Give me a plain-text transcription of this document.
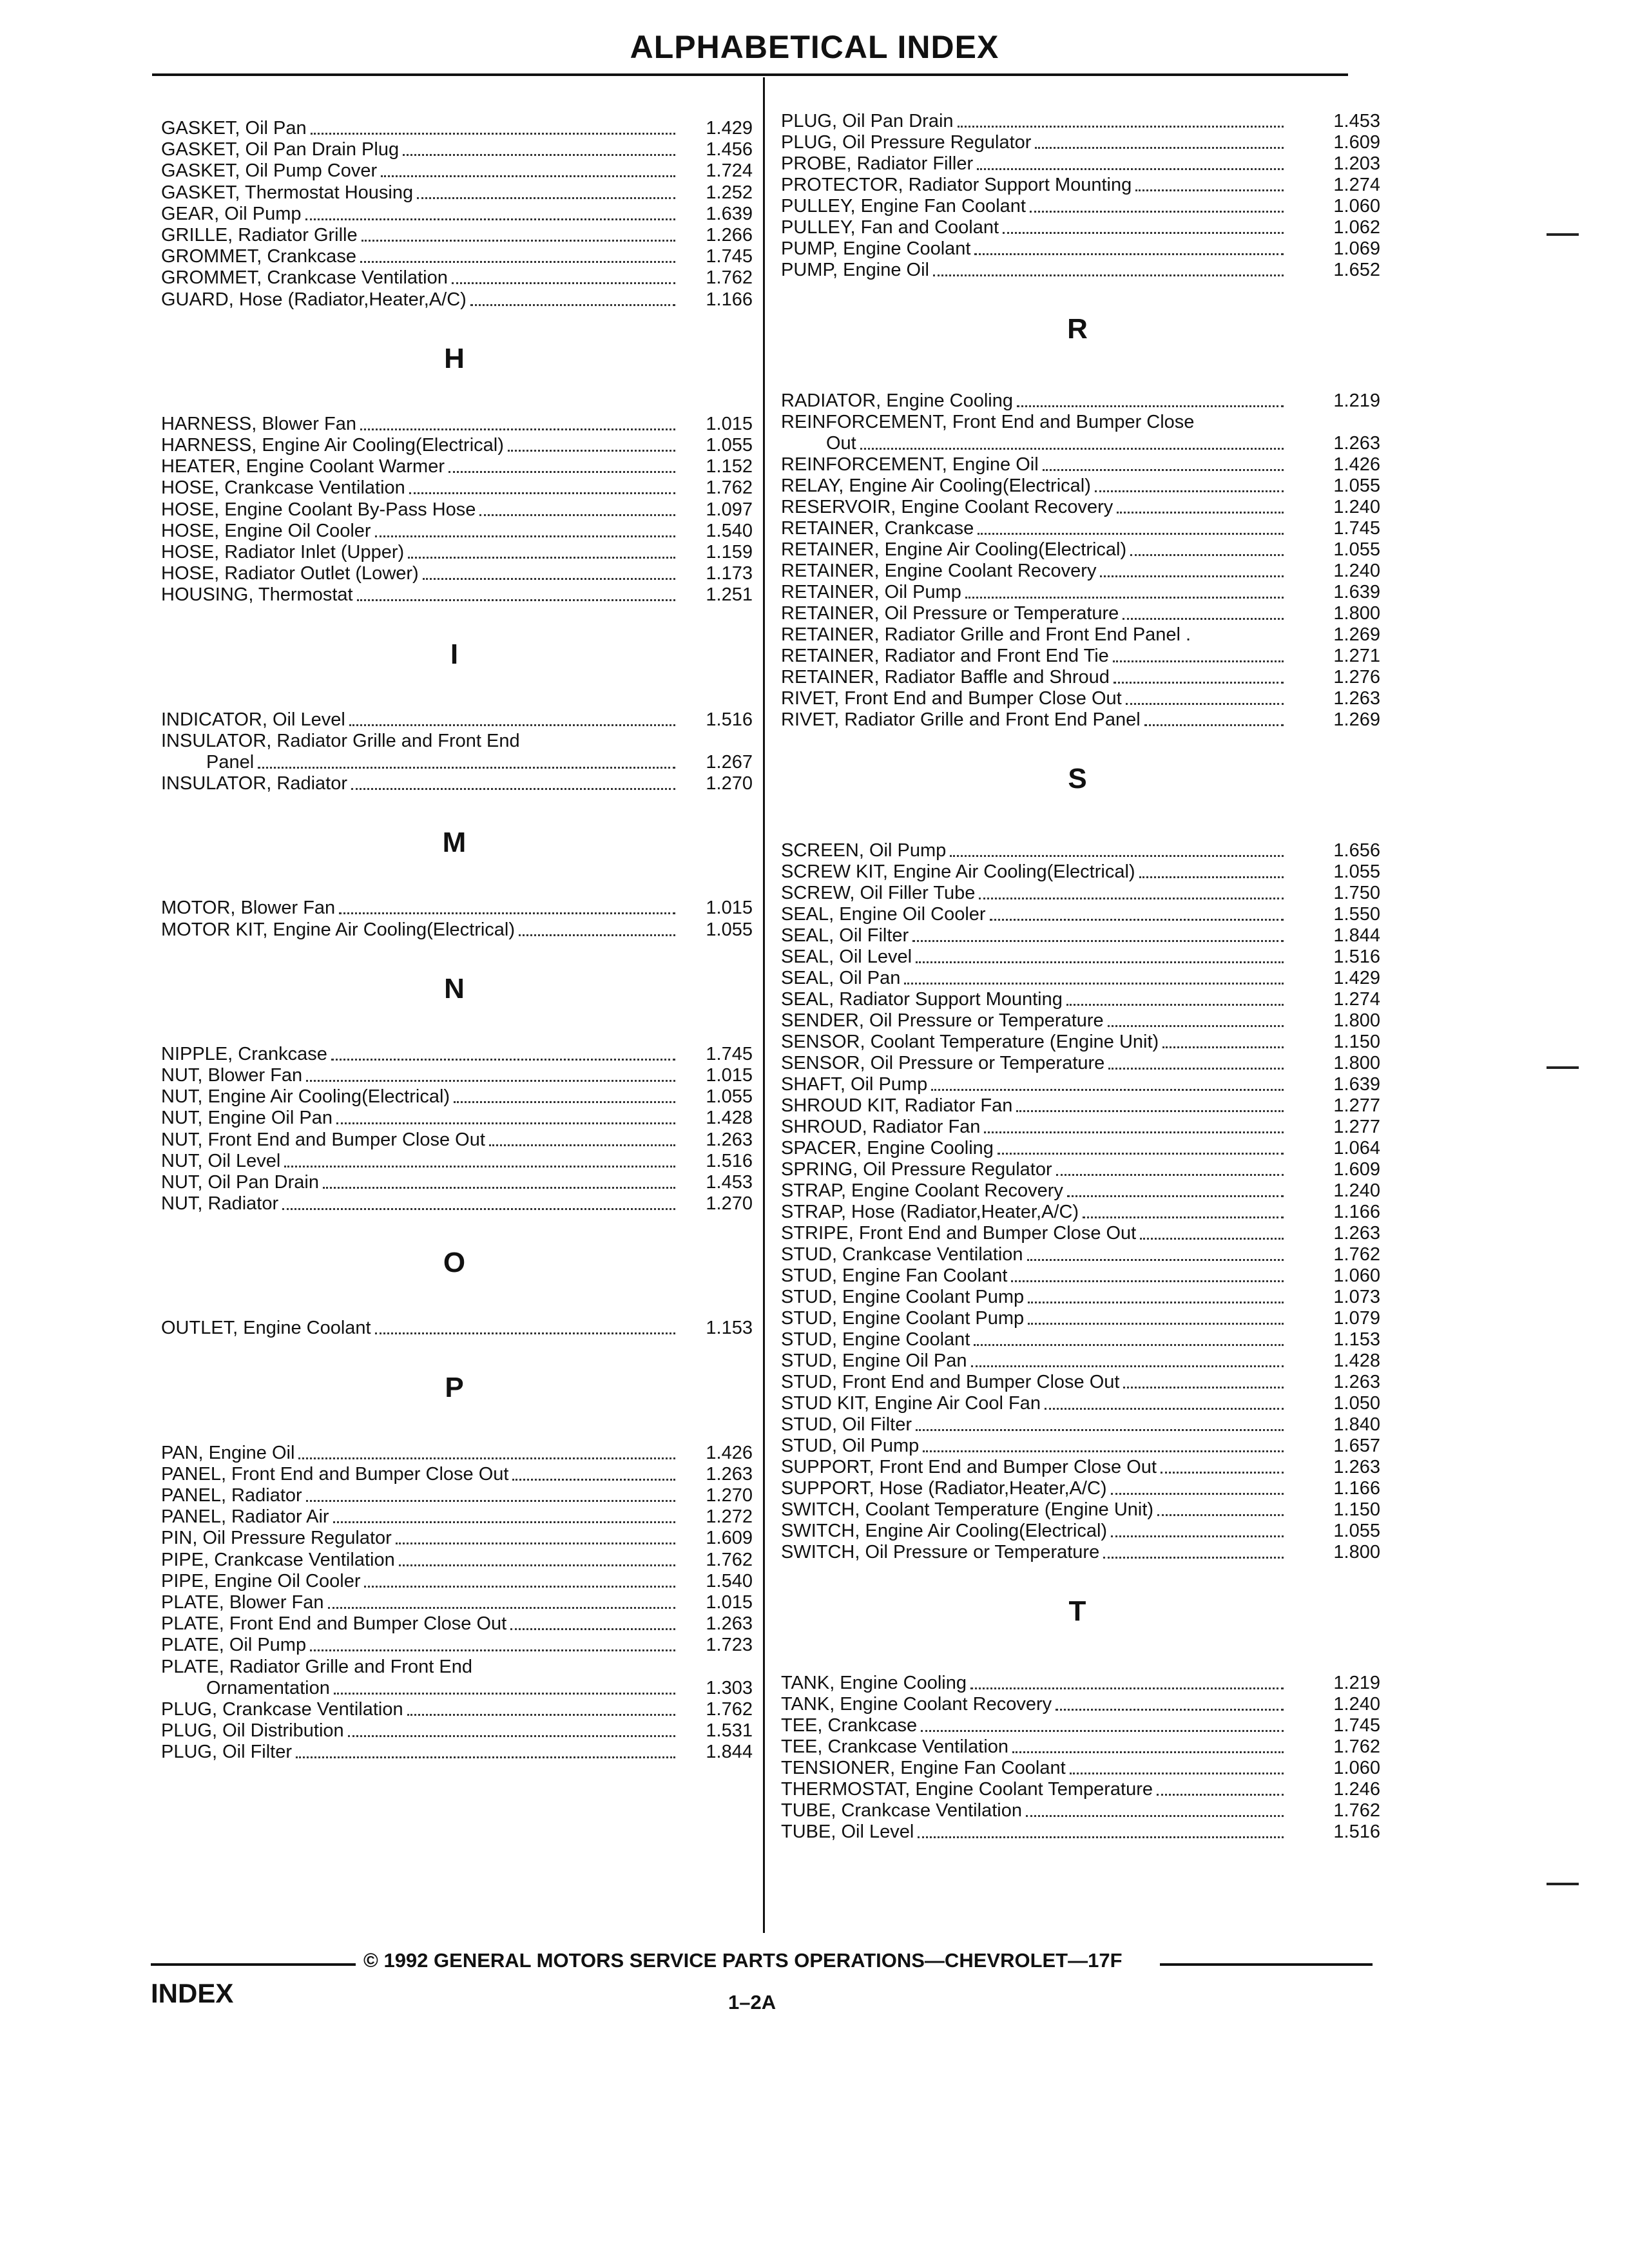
ALPHABETICAL INDEX
GASKET, Oil Pan	1.429
GASKET, Oil Pan Drain Plug	1.456
GASKET, Oil Pump Cover	1.724
GASKET, Thermostat Housing	1.252
GEAR, Oil Pump	1.639
GRILLE, Radiator Grille	1.266
GROMMET, Crankcase	1.745
GROMMET, Crankcase Ventilation	1.762
GUARD, Hose (Radiator,Heater,A/C)	1.166
H
HARNESS, Blower Fan	1.015
HARNESS, Engine Air Cooling(Electrical)	1.055
HEATER, Engine Coolant Warmer	1.152
HOSE, Crankcase Ventilation	1.762
HOSE, Engine Coolant By-Pass Hose	1.097
HOSE, Engine Oil Cooler	1.540
HOSE, Radiator Inlet (Upper)	1.159
HOSE, Radiator Outlet (Lower)	1.173
HOUSING, Thermostat	1.251
I
INDICATOR, Oil Level	1.516
INSULATOR, Radiator Grille and Front End
Panel	1.267
INSULATOR, Radiator	1.270
M
MOTOR, Blower Fan	1.015
MOTOR KIT, Engine Air Cooling(Electrical)	1.055
N
NIPPLE, Crankcase	1.745
NUT, Blower Fan	1.015
NUT, Engine Air Cooling(Electrical)	1.055
NUT, Engine Oil Pan	1.428
NUT, Front End and Bumper Close Out	1.263
NUT, Oil Level	1.516
NUT, Oil Pan Drain	1.453
NUT, Radiator	1.270
O
OUTLET, Engine Coolant	1.153
P
PAN, Engine Oil	1.426
PANEL, Front End and Bumper Close Out	1.263
PANEL, Radiator	1.270
PANEL, Radiator Air	1.272
PIN, Oil Pressure Regulator	1.609
PIPE, Crankcase Ventilation	1.762
PIPE, Engine Oil Cooler	1.540
PLATE, Blower Fan	1.015
PLATE, Front End and Bumper Close Out	1.263
PLATE, Oil Pump	1.723
PLATE, Radiator Grille and Front End
Ornamentation	1.303
PLUG, Crankcase Ventilation	1.762
PLUG, Oil Distribution	1.531
PLUG, Oil Filter	1.844
PLUG, Oil Pan Drain	1.453
PLUG, Oil Pressure Regulator	1.609
PROBE, Radiator Filler	1.203
PROTECTOR, Radiator Support Mounting	1.274
PULLEY, Engine Fan Coolant	1.060
PULLEY, Fan and Coolant	1.062
PUMP, Engine Coolant	1.069
PUMP, Engine Oil	1.652
R
RADIATOR, Engine Cooling	1.219
REINFORCEMENT, Front End and Bumper Close
Out	1.263
REINFORCEMENT, Engine Oil	1.426
RELAY, Engine Air Cooling(Electrical)	1.055
RESERVOIR, Engine Coolant Recovery	1.240
RETAINER, Crankcase	1.745
RETAINER, Engine Air Cooling(Electrical)	1.055
RETAINER, Engine Coolant Recovery	1.240
RETAINER, Oil Pump	1.639
RETAINER, Oil Pressure or Temperature	1.800
RETAINER, Radiator Grille and Front End Panel .	1.269
RETAINER, Radiator and Front End Tie	1.271
RETAINER, Radiator Baffle and Shroud	1.276
RIVET, Front End and Bumper Close Out	1.263
RIVET, Radiator Grille and Front End Panel	1.269
S
SCREEN, Oil Pump	1.656
SCREW KIT, Engine Air Cooling(Electrical)	1.055
SCREW, Oil Filler Tube	1.750
SEAL, Engine Oil Cooler	1.550
SEAL, Oil Filter	1.844
SEAL, Oil Level	1.516
SEAL, Oil Pan	1.429
SEAL, Radiator Support Mounting	1.274
SENDER, Oil Pressure or Temperature	1.800
SENSOR, Coolant Temperature (Engine Unit)	1.150
SENSOR, Oil Pressure or Temperature	1.800
SHAFT, Oil Pump	1.639
SHROUD KIT, Radiator Fan	1.277
SHROUD, Radiator Fan	1.277
SPACER, Engine Cooling	1.064
SPRING, Oil Pressure Regulator	1.609
STRAP, Engine Coolant Recovery	1.240
STRAP, Hose (Radiator,Heater,A/C)	1.166
STRIPE, Front End and Bumper Close Out	1.263
STUD, Crankcase Ventilation	1.762
STUD, Engine Fan Coolant	1.060
STUD, Engine Coolant Pump	1.073
STUD, Engine Coolant Pump	1.079
STUD, Engine Coolant	1.153
STUD, Engine Oil Pan	1.428
STUD, Front End and Bumper Close Out	1.263
STUD KIT, Engine Air Cool Fan	1.050
STUD, Oil Filter	1.840
STUD, Oil Pump	1.657
SUPPORT, Front End and Bumper Close Out	1.263
SUPPORT, Hose (Radiator,Heater,A/C)	1.166
SWITCH, Coolant Temperature (Engine Unit)	1.150
SWITCH, Engine Air Cooling(Electrical)	1.055
SWITCH, Oil Pressure or Temperature	1.800
T
TANK, Engine Cooling	1.219
TANK, Engine Coolant Recovery	1.240
TEE, Crankcase	1.745
TEE, Crankcase Ventilation	1.762
TENSIONER, Engine Fan Coolant	1.060
THERMOSTAT, Engine Coolant Temperature	1.246
TUBE, Crankcase Ventilation	1.762
TUBE, Oil Level	1.516
© 1992 GENERAL MOTORS SERVICE PARTS OPERATIONS—CHEVROLET—17F
INDEX	1–2A
